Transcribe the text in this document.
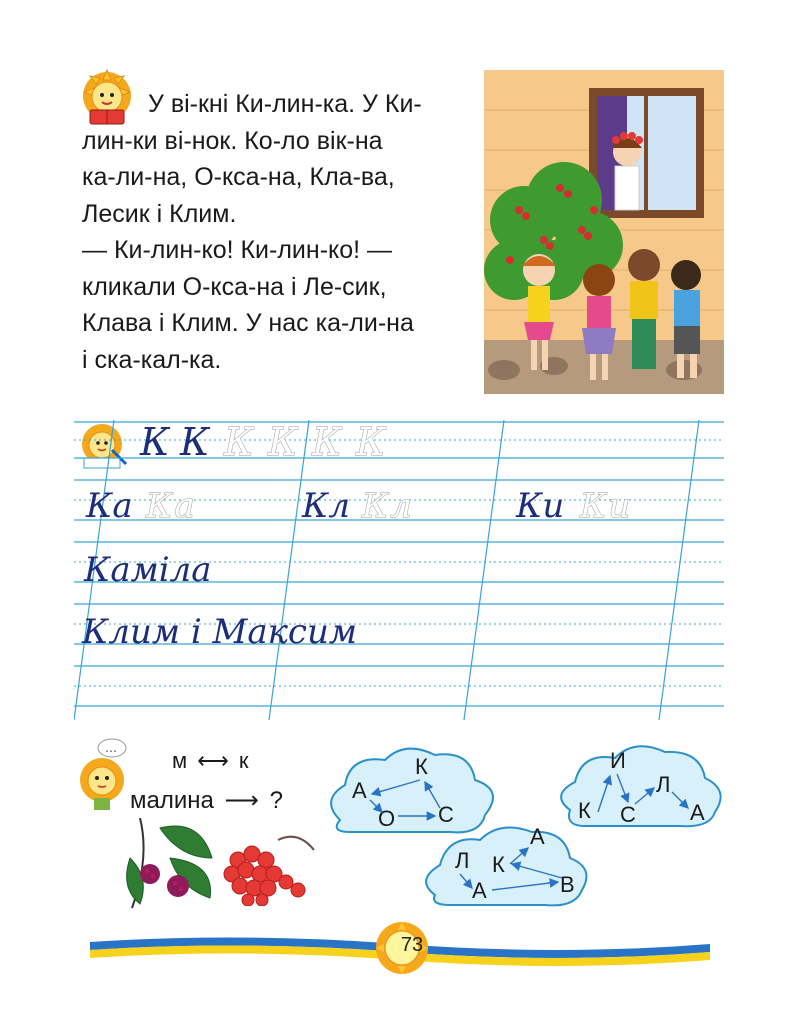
У ві-кні Ки-лин-ка. У Ки-
лин-ки ві-нок. Ко-ло вік-на
ка-ли-на, О-кса-на, Кла-ва,
Лесик і Клим.
— Ки-лин-ко! Ки-лин-ко! —
кликали О-кса-на і Ле-сик,
Клава і Клим. У нас ка-ли-на
і ска-кал-ка.
К К К К К К
Ка Ка	Кл Кл	Ки Ки
Камiла
Клим i Максим
…	м ⟷ к
малина ⟶ ?
К
А
О С
И
К С
Л
А
А
Л К
А	В
73
